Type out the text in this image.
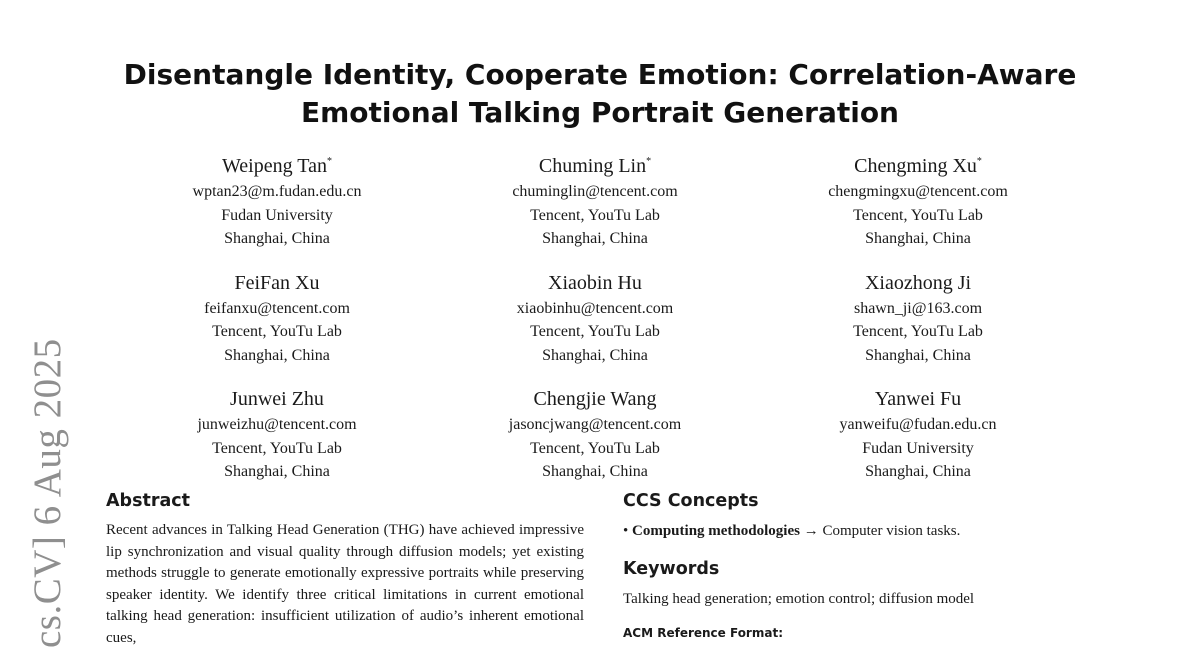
cs.CV] 6 Aug 2025
Disentangle Identity, Cooperate Emotion: Correlation-Aware Emotional Talking Portrait Generation
Weipeng Tan*
wptan23@m.fudan.edu.cn
Fudan University
Shanghai, China
Chuming Lin*
chuminglin@tencent.com
Tencent, YouTu Lab
Shanghai, China
Chengming Xu*
chengmingxu@tencent.com
Tencent, YouTu Lab
Shanghai, China
FeiFan Xu
feifanxu@tencent.com
Tencent, YouTu Lab
Shanghai, China
Xiaobin Hu
xiaobinhu@tencent.com
Tencent, YouTu Lab
Shanghai, China
Xiaozhong Ji
shawn_ji@163.com
Tencent, YouTu Lab
Shanghai, China
Junwei Zhu
junweizhu@tencent.com
Tencent, YouTu Lab
Shanghai, China
Chengjie Wang
jasoncjwang@tencent.com
Tencent, YouTu Lab
Shanghai, China
Yanwei Fu
yanweifu@fudan.edu.cn
Fudan University
Shanghai, China
Abstract

Recent advances in Talking Head Generation (THG) have achieved impressive lip synchronization and visual quality through diffusion models; yet existing methods struggle to generate emotionally expressive portraits while preserving speaker identity. We identify three critical limitations in current emotional talking head generation: insufficient utilization of audio’s inherent emotional cues,

CCS Concepts

• Computing methodologies → Computer vision tasks.

Keywords

Talking head generation; emotion control; diffusion model

ACM Reference Format:
